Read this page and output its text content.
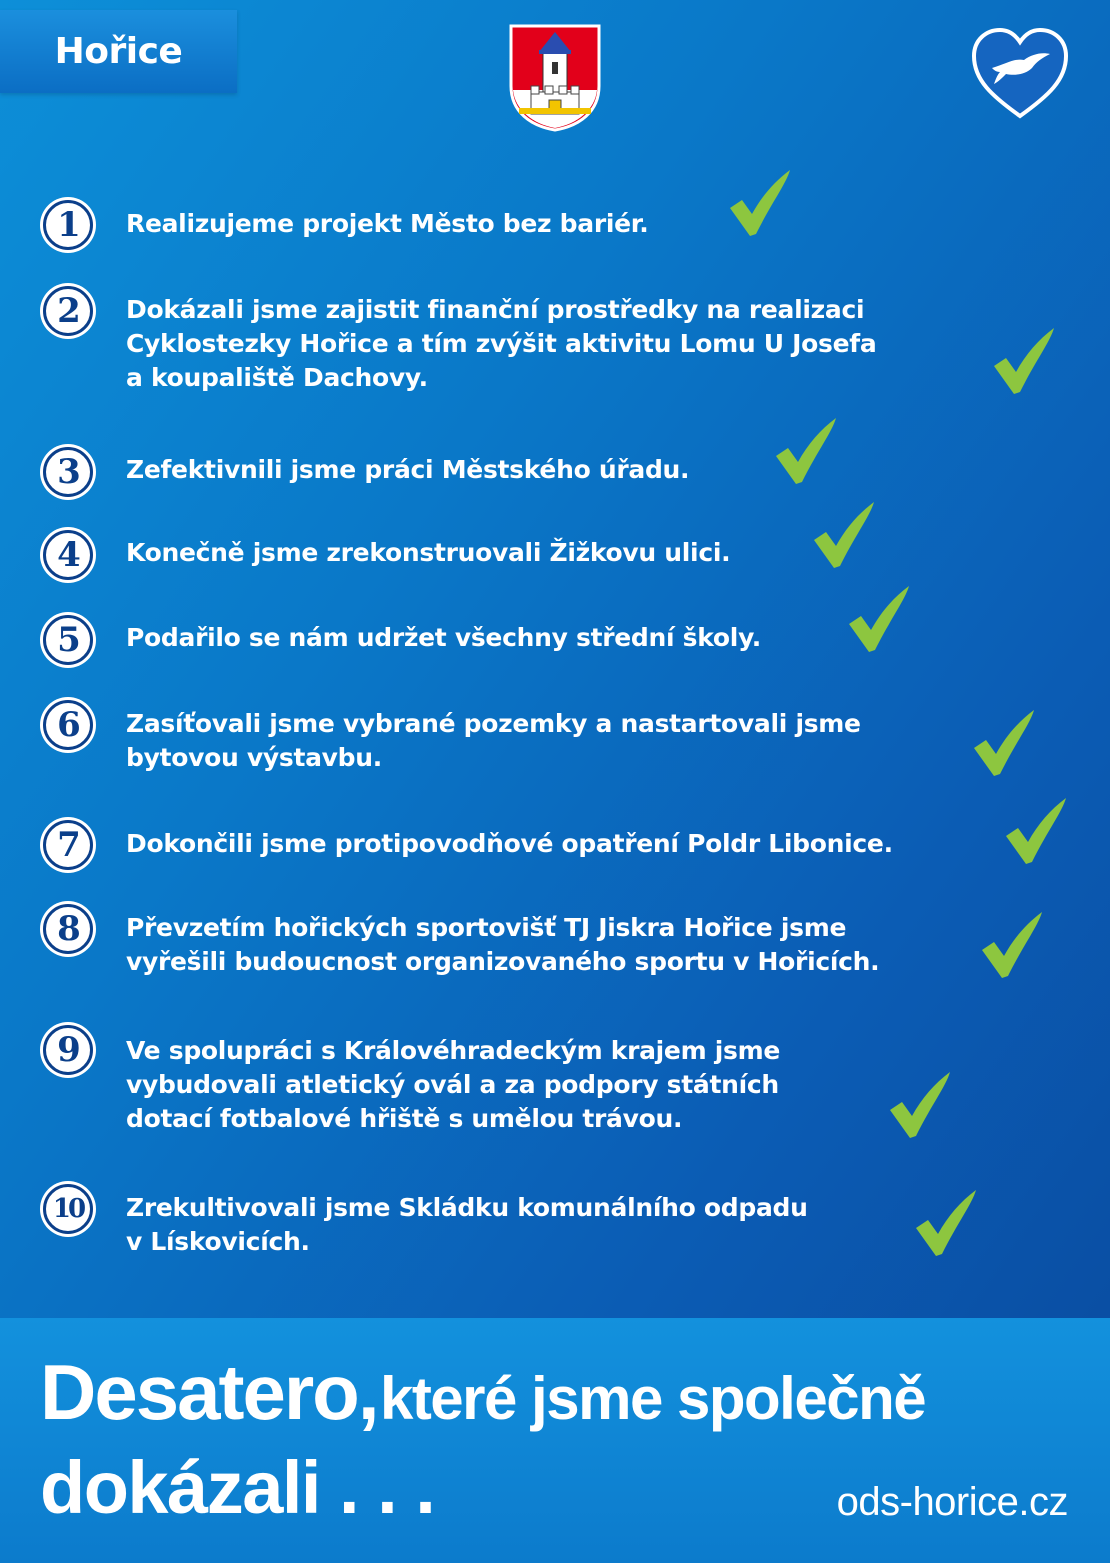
Hořice
1	Realizujeme projekt Město bez bariér.
2	Dokázali jsme zajistit finanční prostředky na realizaci
Cyklostezky Hořice a tím zvýšit aktivitu Lomu U Josefa
a koupaliště Dachovy.
3	Zefektivnili jsme práci Městského úřadu.
4	Konečně jsme zrekonstruovali Žižkovu ulici.
5	Podařilo se nám udržet všechny střední školy.
6	Zasíťovali jsme vybrané pozemky a nastartovali jsme
bytovou výstavbu.
7	Dokončili jsme protipovodňové opatření Poldr Libonice.
8	Převzetím hořických sportovišť TJ Jiskra Hořice jsme
vyřešili budoucnost organizovaného sportu v Hořicích.
9	Ve spolupráci s Královéhradeckým krajem jsme
vybudovali atletický ovál a za podpory státních
dotací fotbalové hřiště s umělou trávou.
10	Zrekultivovali jsme Skládku komunálního odpadu
v Lískovicích.
Desatero, které jsme společně
dokázali . . .	ods-horice.cz
